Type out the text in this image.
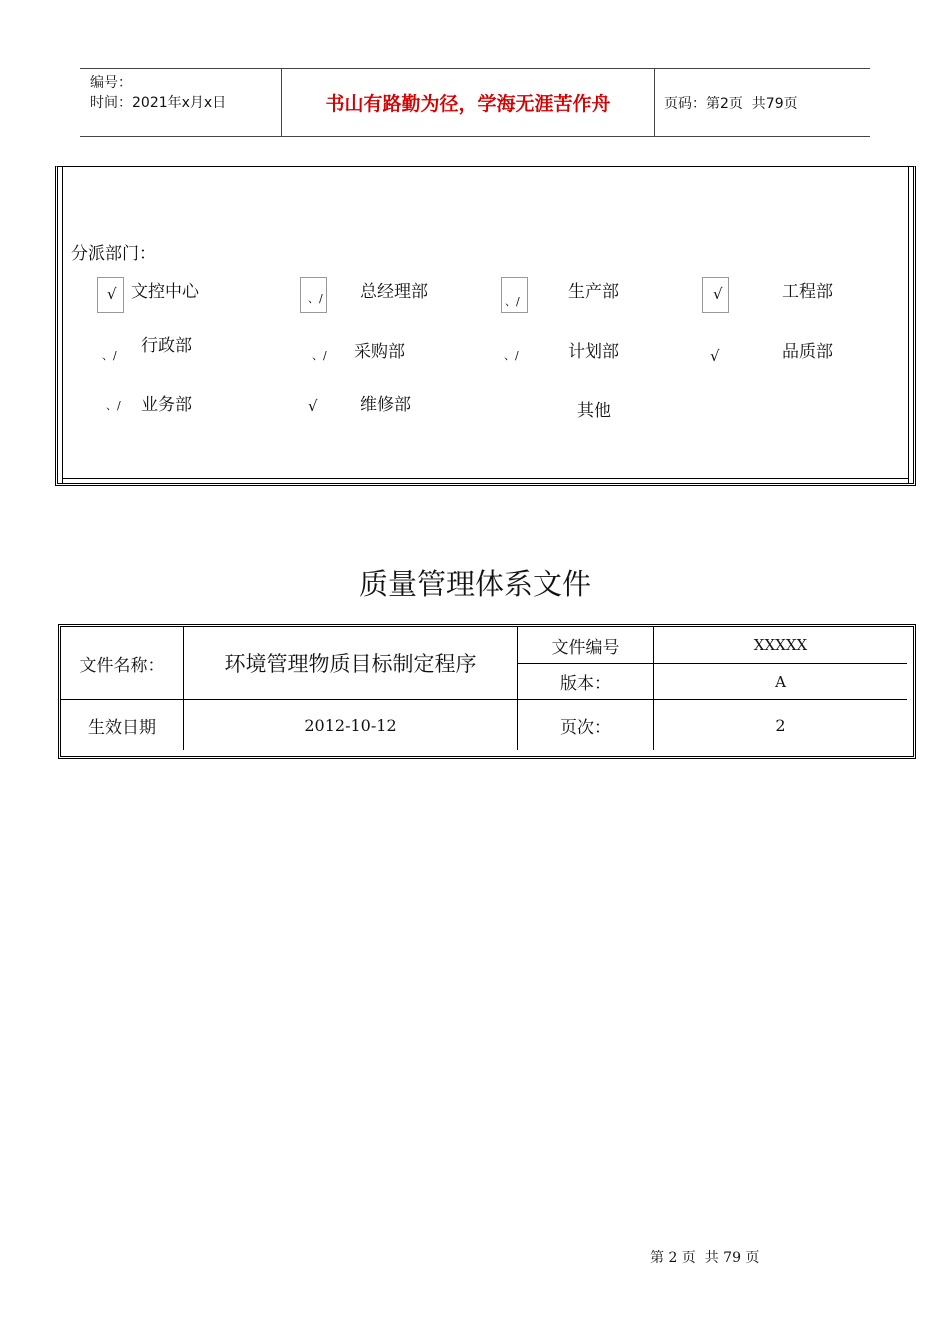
编号：
时间：2021年x月x日	书山有路勤为径，学海无涯苦作舟	页码：第2页  共79页
分派部门：
√ 文控中心	、/ 总经理部	、/	生产部	√	工程部
、/ 行政部	、/ 采购部	、/	计划部	√	品质部
、/ 业务部	√ 维修部	其他
质量管理体系文件
文件名称：	环境管理物质目标制定程序
文件编号	XXXXX
版本：	A
生效日期	2012-10-12	页次：	2
第 2 页  共 79 页
